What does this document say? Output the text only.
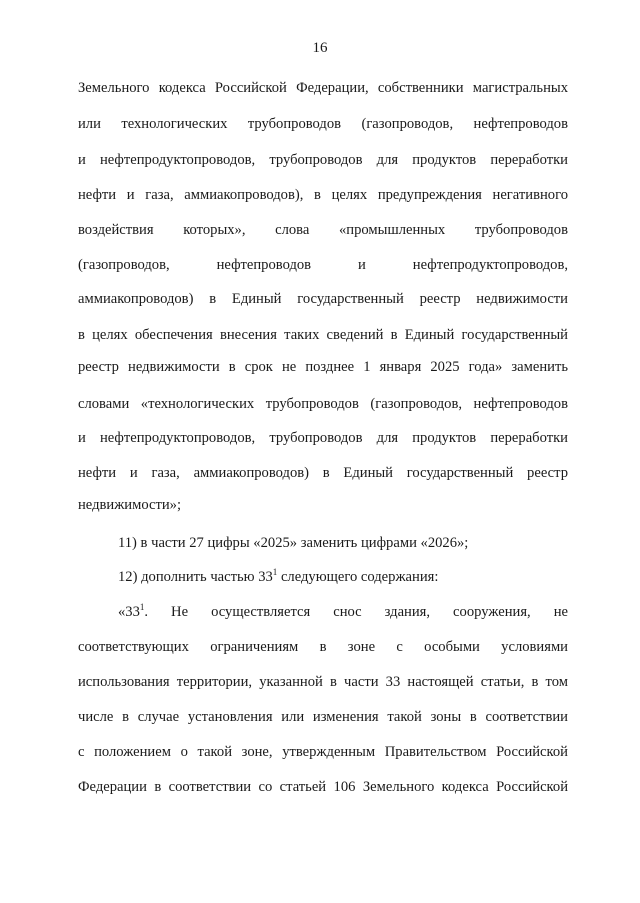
16
Земельного кодекса Российской Федерации, собственники магистральных
или технологических трубопроводов (газопроводов, нефтепроводов
и нефтепродуктопроводов, трубопроводов для продуктов переработки
нефти и газа, аммиакопроводов), в целях предупреждения негативного
воздействия которых», слова «промышленных трубопроводов
(газопроводов, нефтепроводов и нефтепродуктопроводов,
аммиакопроводов) в Единый государственный реестр недвижимости
в целях обеспечения внесения таких сведений в Единый государственный
реестр недвижимости в срок не позднее 1 января 2025 года» заменить
словами «технологических трубопроводов (газопроводов, нефтепроводов
и нефтепродуктопроводов, трубопроводов для продуктов переработки
нефти и газа, аммиакопроводов) в Единый государственный реестр
недвижимости»;
11) в части 27 цифры «2025» заменить цифрами «2026»;
12) дополнить частью $33^1$ следующего содержания:
«$33^1$. Не осуществляется снос здания, сооружения, не
соответствующих ограничениям в зоне с особыми условиями
использования территории, указанной в части 33 настоящей статьи, в том
числе в случае установления или изменения такой зоны в соответствии
с положением о такой зоне, утвержденным Правительством Российской
Федерации в соответствии со статьей 106 Земельного кодекса Российской
